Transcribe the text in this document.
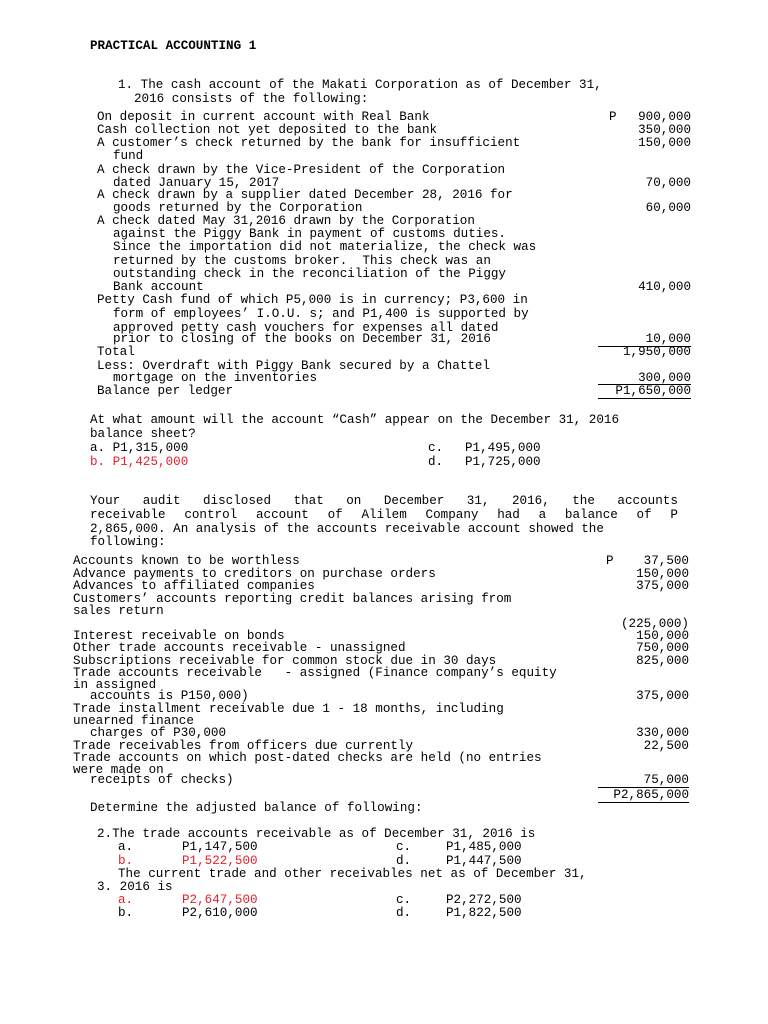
PRACTICAL ACCOUNTING 1
1. The cash account of the Makati Corporation as of December 31,
2016 consists of the following:
On deposit in current account with Real Bank	P 900,000
Cash collection not yet deposited to the bank	350,000
A customer’s check returned by the bank for insufficient	150,000
fund
A check drawn by the Vice-President of the Corporation
dated January 15, 2017	70,000
A check drawn by a supplier dated December 28, 2016 for
goods returned by the Corporation	60,000
A check dated May 31,2016 drawn by the Corporation
against the Piggy Bank in payment of customs duties.
Since the importation did not materialize, the check was
returned by the customs broker.  This check was an
outstanding check in the reconciliation of the Piggy
Bank account	410,000
Petty Cash fund of which P5,000 is in currency; P3,600 in
form of employees’ I.O.U. s; and P1,400 is supported by
approved petty cash vouchers for expenses all dated
prior to closing of the books on December 31, 2016	10,000
Total	1,950,000
Less: Overdraft with Piggy Bank secured by a Chattel
mortgage on the inventories	300,000
Balance per ledger	P1,650,000
At what amount will the account “Cash” appear on the December 31, 2016
balance sheet?
a. P1,315,000
b. P1,425,000
c. P1,495,000
d. P1,725,000
Your audit disclosed that on December 31, 2016, the accounts
receivable control account of Alilem Company had a balance of P
2,865,000. An analysis of the accounts receivable account showed the
following:
Accounts known to be worthless	P 37,500
Advance payments to creditors on purchase orders	150,000
Advances to affiliated companies	375,000
Customers’ accounts reporting credit balances arising from
sales return
(225,000)
Interest receivable on bonds	150,000
Other trade accounts receivable - unassigned	750,000
Subscriptions receivable for common stock due in 30 days	825,000
Trade accounts receivable   - assigned (Finance company’s equity
in assigned
accounts is P150,000)	375,000
Trade installment receivable due 1 - 18 months, including
unearned finance
charges of P30,000	330,000
Trade receivables from officers due currently	22,500
Trade accounts on which post-dated checks are held (no entries
were made on
receipts of checks)	75,000
P2,865,000
Determine the adjusted balance of following:
2.The trade accounts receivable as of December 31, 2016 is
a.	P1,147,500
b.	P1,522,500
c.	P1,485,000
d.	P1,447,500
The current trade and other receivables net as of December 31,
3. 2016 is
a.	P2,647,500
b.	P2,610,000
c.	P2,272,500
d.	P1,822,500
